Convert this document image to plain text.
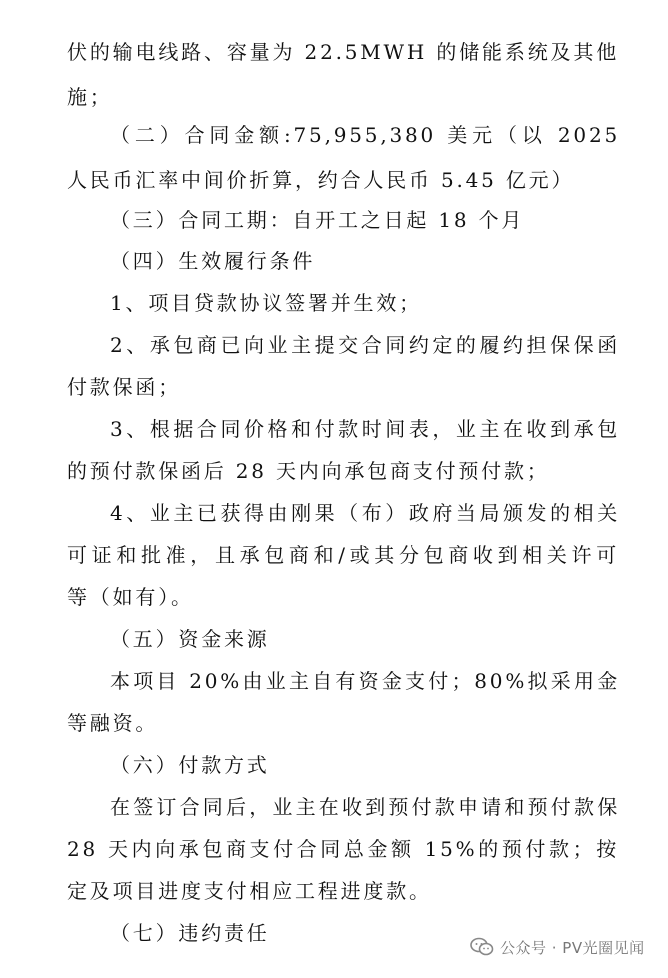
伏的输电线路、容量为 22.5MWH 的储能系统及其他
施；
（二）合同金额:75,955,380 美元（以 2025
人民币汇率中间价折算，约合人民币 5.45 亿元）
（三）合同工期：自开工之日起 18 个月
（四）生效履行条件
1、项目贷款协议签署并生效；
2、承包商已向业主提交合同约定的履约担保保函
付款保函；
3、根据合同价格和付款时间表，业主在收到承包
的预付款保函后 28 天内向承包商支付预付款；
4、业主已获得由刚果（布）政府当局颁发的相关
可证和批准，且承包商和/或其分包商收到相关许可
等（如有）。
（五）资金来源
本项目 20%由业主自有资金支付；80%拟采用金
等融资。
（六）付款方式
在签订合同后，业主在收到预付款申请和预付款保
28 天内向承包商支付合同总金额 15%的预付款；按
定及项目进度支付相应工程进度款。
（七）违约责任
公众号 · PV光圈见闻
